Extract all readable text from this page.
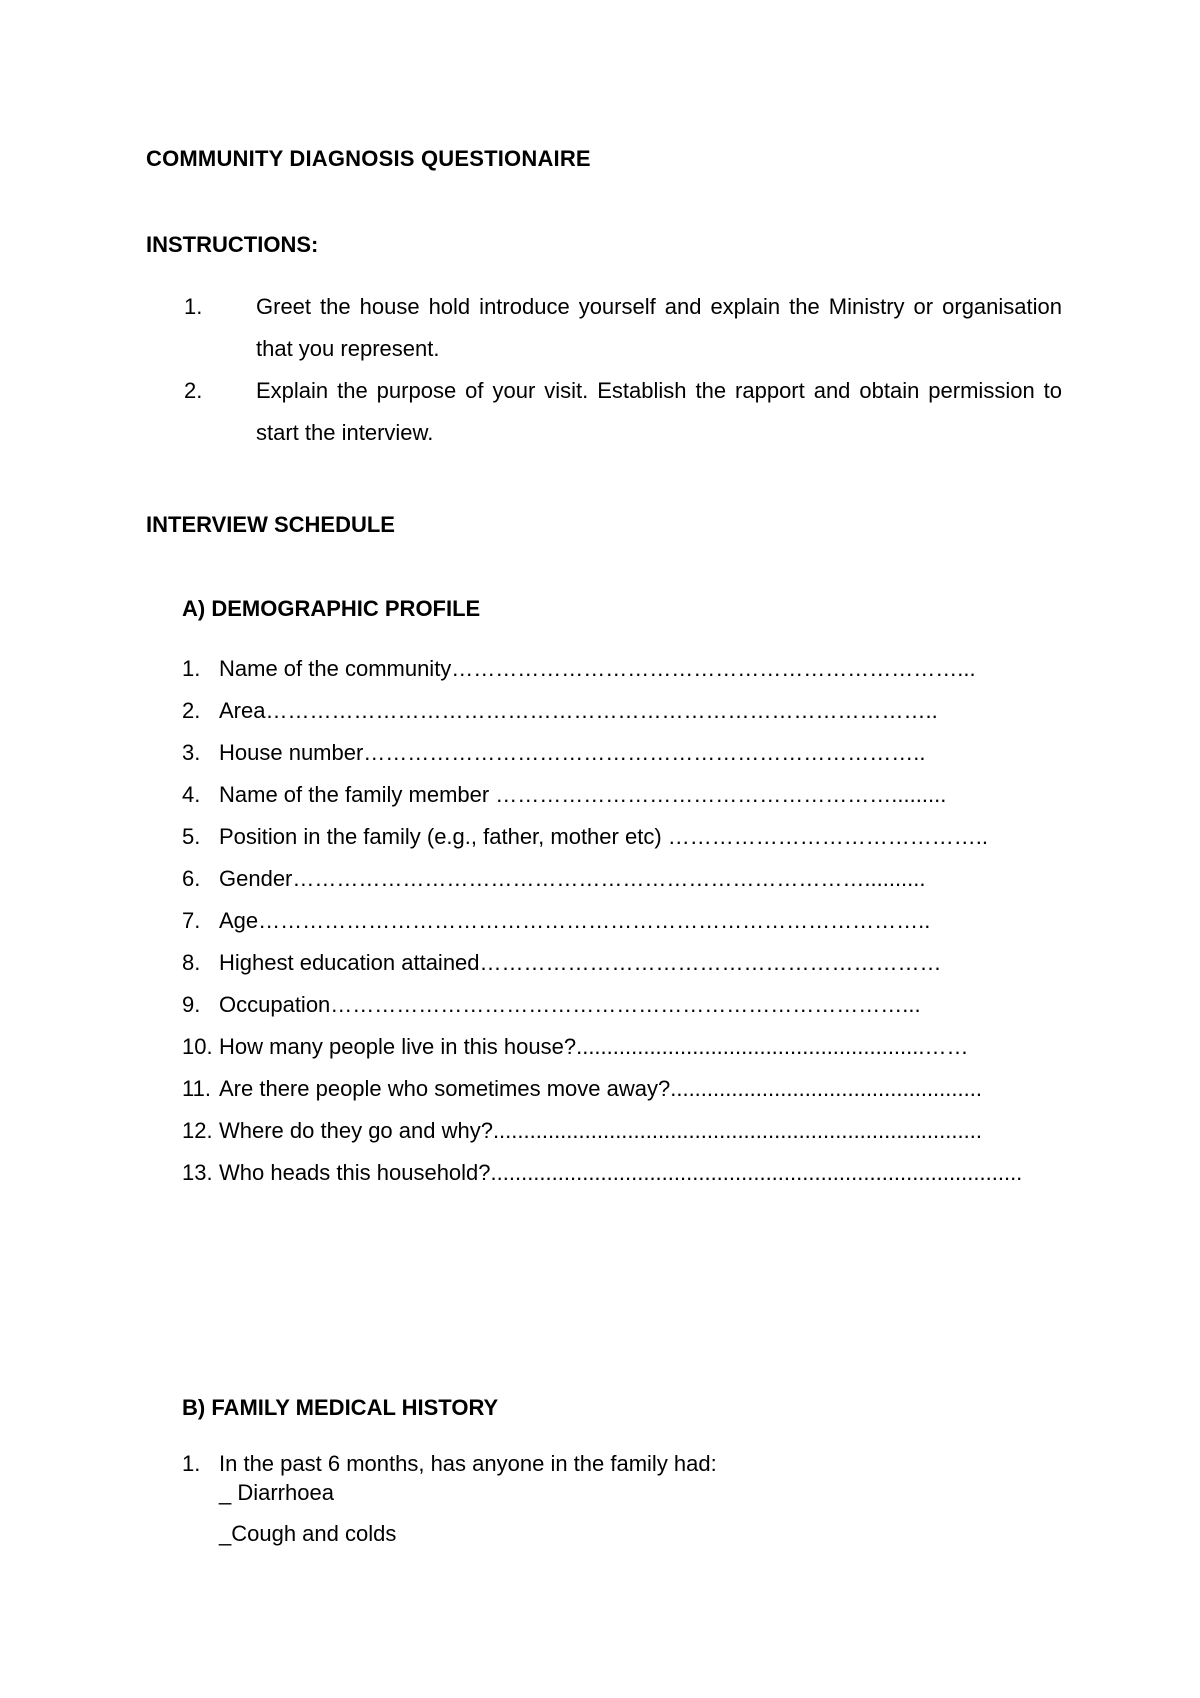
COMMUNITY DIAGNOSIS QUESTIONAIRE
INSTRUCTIONS:
1. Greet the house hold introduce yourself and explain the Ministry or organisation that you represent.
2. Explain the purpose of your visit. Establish the rapport and obtain permission to start the interview.
INTERVIEW SCHEDULE
A) DEMOGRAPHIC PROFILE
1. Name of the community……………………………………………………………...
2. Area………………………………………………………………………………..
3. House number…………………………………………………………………..
4. Name of the family member ……………………………………………….........
5. Position in the family (e.g., father, mother etc) ……………………………………..
6. Gender……………………………………………………………………..........
7. Age………………………………………………………………………………..
8. Highest education attained………………………………………………………
9. Occupation……………………………………………………………………...
10. How many people live in this house?.........................................................……
11. Are there people who sometimes move away?...................................................
12. Where do they go and why?................................................................................
13. Who heads this household?.......................................................................................
B) FAMILY MEDICAL HISTORY
1. In the past 6 months, has anyone in the family had:
_ Diarrhoea
_Cough and colds
